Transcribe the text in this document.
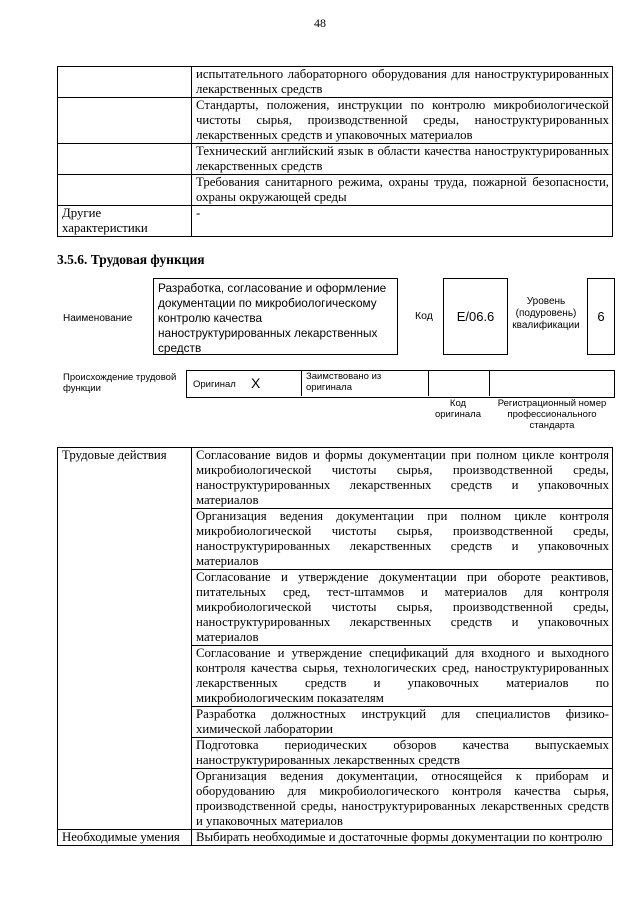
48
	испытательного лабораторного оборудования для наноструктурированных лекарственных средств
	Стандарты, положения, инструкции по контролю микробиологической чистоты сырья, производственной среды, наноструктурированных лекарственных средств и упаковочных материалов
	Технический английский язык в области качества наноструктурированных лекарственных средств
	Требования санитарного режима, охраны труда, пожарной безопасности, охраны окружающей среды
Другие характеристики	-
3.5.6. Трудовая функция
Наименование
Разработка, согласование и оформление документации по микробиологическому контролю качества наноструктурированных лекарственных средств
Код	E/06.6
Уровень (подуровень) квалификации
6
Происхождение трудовой функции	Оригинал X	Заимствовано из оригинала
Код оригинала
Регистрационный номер профессионального стандарта
Трудовые действия	Согласование видов и формы документации при полном цикле контроля микробиологической чистоты сырья, производственной среды, наноструктурированных лекарственных средств и упаковочных материалов
	Организация ведения документации при полном цикле контроля микробиологической чистоты сырья, производственной среды, наноструктурированных лекарственных средств и упаковочных материалов
	Согласование и утверждение документации при обороте реактивов, питательных сред, тест-штаммов и материалов для контроля микробиологической чистоты сырья, производственной среды, наноструктурированных лекарственных средств и упаковочных материалов
	Согласование и утверждение спецификаций для входного и выходного контроля качества сырья, технологических сред, наноструктурированных лекарственных средств и упаковочных материалов по микробиологическим показателям
	Разработка должностных инструкций для специалистов физико-химической лаборатории
	Подготовка периодических обзоров качества выпускаемых наноструктурированных лекарственных средств
	Организация ведения документации, относящейся к приборам и оборудованию для микробиологического контроля качества сырья, производственной среды, наноструктурированных лекарственных средств и упаковочных материалов
Необходимые умения	Выбирать необходимые и достаточные формы документации по контролю
